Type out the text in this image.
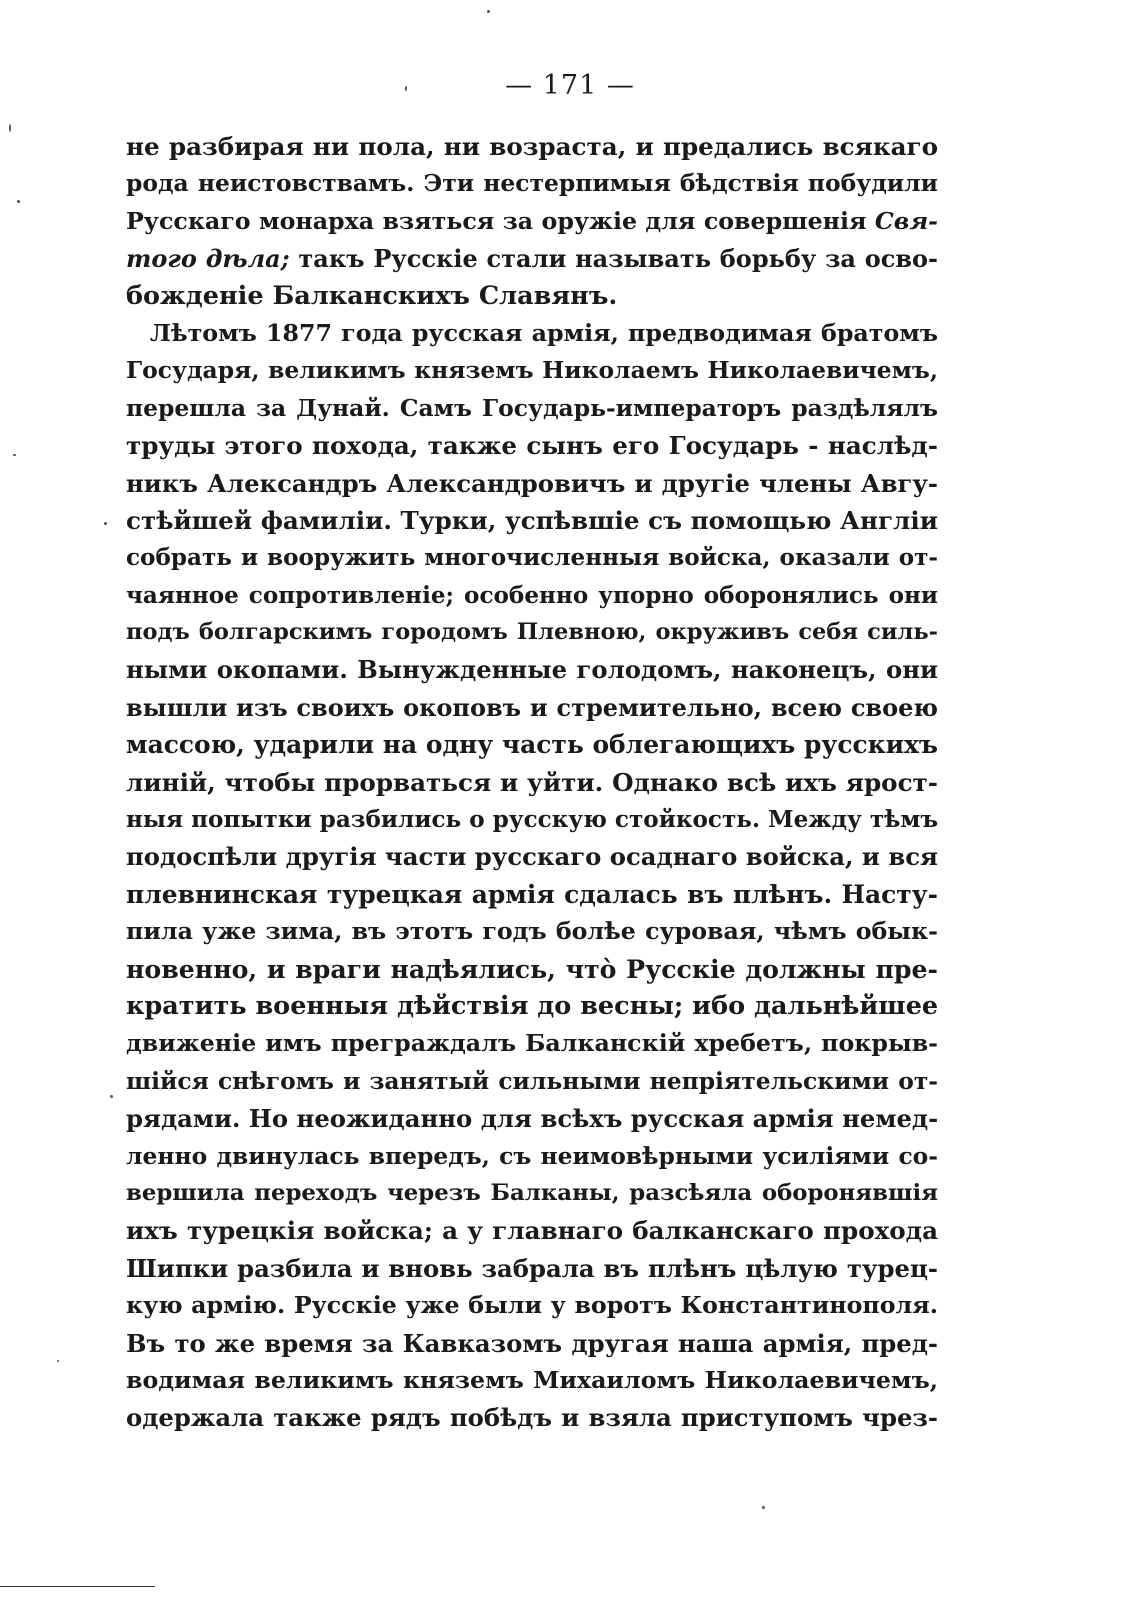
— 171 —
не разбирая ни пола, ни возраста, и предались всякаго
рода неистовствамъ. Эти нестерпимыя бѣдствія побудили
Русскаго монарха взяться за оружіе для совершенія Свя-
тогo дѣла; такъ Русскіе стали называть борьбу за осво-
божденіе Балканскихъ Славянъ.
Лѣтомъ 1877 года русская армія, предводимая братомъ
Государя, великимъ княземъ Николаемъ Николаевичемъ,
перешла за Дунай. Самъ Государь-императоръ раздѣлялъ
труды этого похода, также сынъ его Государь - наслѣд-
никъ Александръ Александровичъ и другіе члены Авгу-
стѣйшей фамиліи. Турки, успѣвшіе съ помощью Англіи
собрать и вооружить многочисленныя войска, оказали от-
чаянное сопротивленіе; особенно упорно оборонялись они
подъ болгарскимъ городомъ Плевною, окруживъ себя силь-
ными окопами. Вынужденные голодомъ, наконецъ, они
вышли изъ своихъ окоповъ и стремительно, всею своею
массою, ударили на одну часть облегающихъ русскихъ
линій, чтобы прорваться и уйти. Однако всѣ ихъ ярост-
ныя попытки разбились о русскую стойкость. Между тѣмъ
подоспѣли другія части русскаго осаднаго войска, и вся
плевнинская турецкая армія сдалась въ плѣнъ. Насту-
пила уже зима, въ этотъ годъ болѣе суровая, чѣмъ обык-
новенно, и враги надѣялись, что̀ Русскіе должны пре-
кратить военныя дѣйствія до весны; ибо дальнѣйшее
движеніе имъ преграждалъ Балканскій хребетъ, покрыв-
шійся снѣгомъ и занятый сильными непріятельскими от-
рядами. Но неожиданно для всѣхъ русская армія немед-
ленно двинулась впередъ, съ неимовѣрными усиліями со-
вершила переходъ черезъ Балканы, разсѣяла оборонявшія
ихъ турецкія войска; а у главнаго балканскаго прохода
Шипки разбила и вновь забрала въ плѣнъ цѣлую турец-
кую армію. Русскіе уже были у воротъ Константинополя.
Въ то же время за Кавказомъ другая наша армія, пред-
водимая великимъ княземъ Михаиломъ Николаевичемъ,
одержала также рядъ побѣдъ и взяла приступомъ чрез-
